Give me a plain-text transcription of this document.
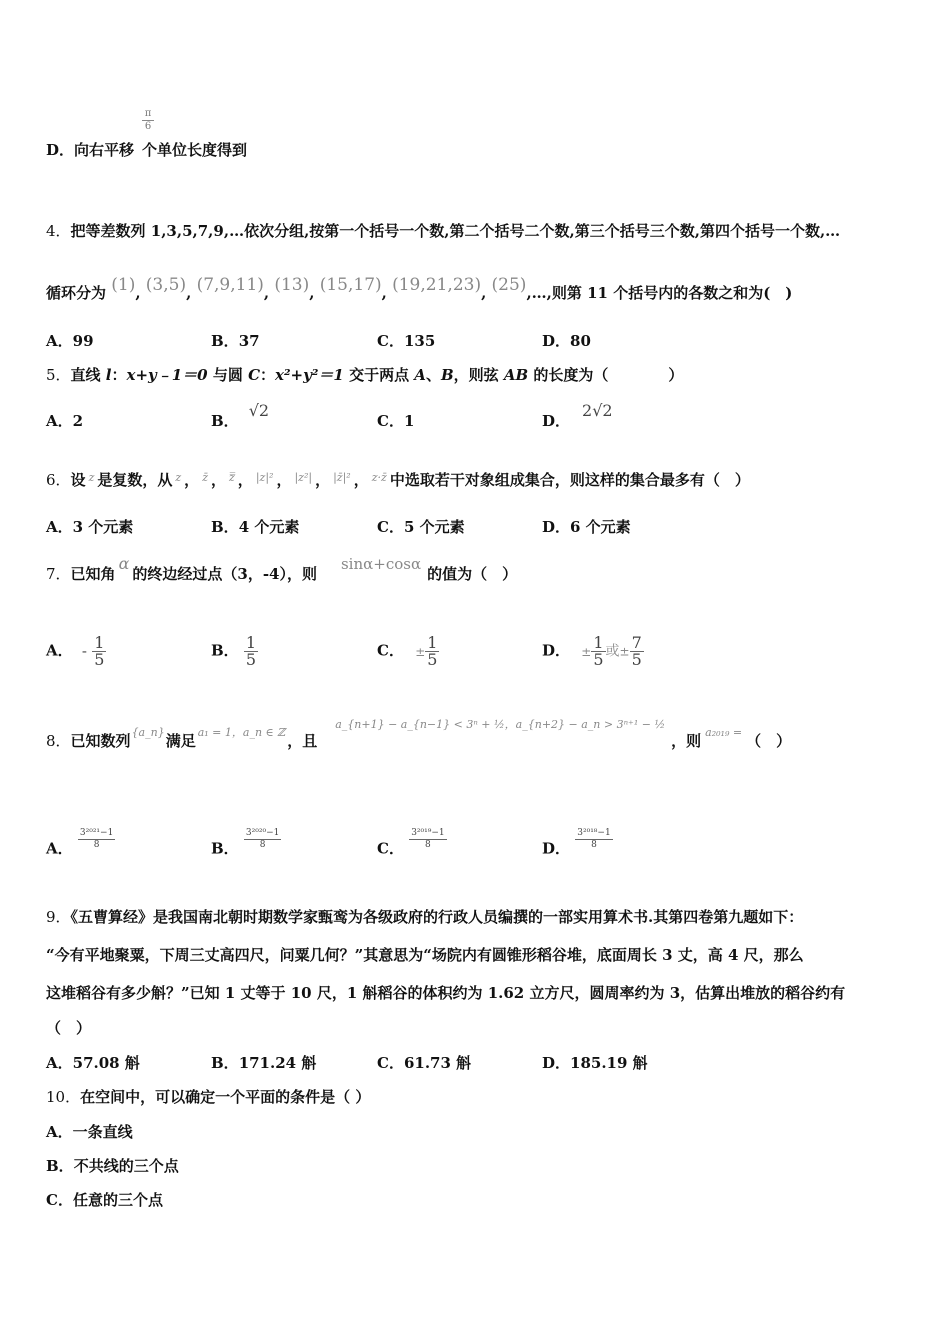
$\frac{\pi}{6}$
D．向右平移 个单位长度得到
4．把等差数列 1,3,5,7,9,…依次分组,按第一个括号一个数,第二个括号二个数,第三个括号三个数,第四个括号一个数,…
循环分为 (1), (3,5), (7,9,11), (13), (15,17), (19,21,23), (25),…,则第 11 个括号内的各数之和为(　)
A．99	B．37	C．135	D．80
5．直线 l：x+y﹣1＝0 与圆 C：x²+y²＝1 交于两点 A、B，则弦 AB 的长度为（　　　　）
A．2	B．√2
C．1	D．2√2
6．设 $^z$ 是复数，从 $^z$ ， $^{z̄}$ ， $^{z̿}$ ， $^{|z|^2}$ ， $^{|z^2|}$ ， $^{|z̄|^2}$ ， $^{z\cdot z̄}$ 中选取若干对象组成集合，则这样的集合最多有（　）
A．3 个元素	B．4 个元素	C．5 个元素	D．6 个元素
7．已知角α的终边经过点（3，-4），则sinα+cosα的值为（　）
A． - $\frac{1}{5}$	B． $\frac{1}{5}$	C． ± $\frac{1}{5}$	D． ± $\frac{1}{5}$ 或± $\frac{7}{5}$
8．已知数列$^{\{a\_n\}}$满足 $^{a_1 = 1,a\_n \in ℤ}$ ，且$^{a\_\{n+1\} - a\_\{n-1\} < 3^n + \frac{1}{2},a\_\{n+2\} - a\_n > 3^{n+1} - \frac{1}{2}}$，则 $^{a_{2019} =}$ （　）
A． $\frac{\text{3²⁰²¹−1}}{8}$	B． $\frac{\text{3²⁰²⁰−1}}{8}$	C． $\frac{\text{3²⁰¹⁹−1}}{8}$	D． $\frac{\text{3²⁰¹⁸−1}}{8}$
9．《五曹算经》是我国南北朝时期数学家甄鸾为各级政府的行政人员编撰的一部实用算术书.其第四卷第九题如下：
“今有平地聚粟，下周三丈高四尺，问粟几何？”其意思为“场院内有圆锥形稻谷堆，底面周长 3 丈，高 4 尺，那么
这堆稻谷有多少斛？”已知 1 丈等于 10 尺，1 斛稻谷的体积约为 1.62 立方尺，圆周率约为 3，估算出堆放的稻谷约有
（　）
A．57.08 斛	B．171.24 斛	C．61.73 斛	D．185.19 斛
10．在空间中，可以确定一个平面的条件是（ ）
A．一条直线
B．不共线的三个点
C．任意的三个点
